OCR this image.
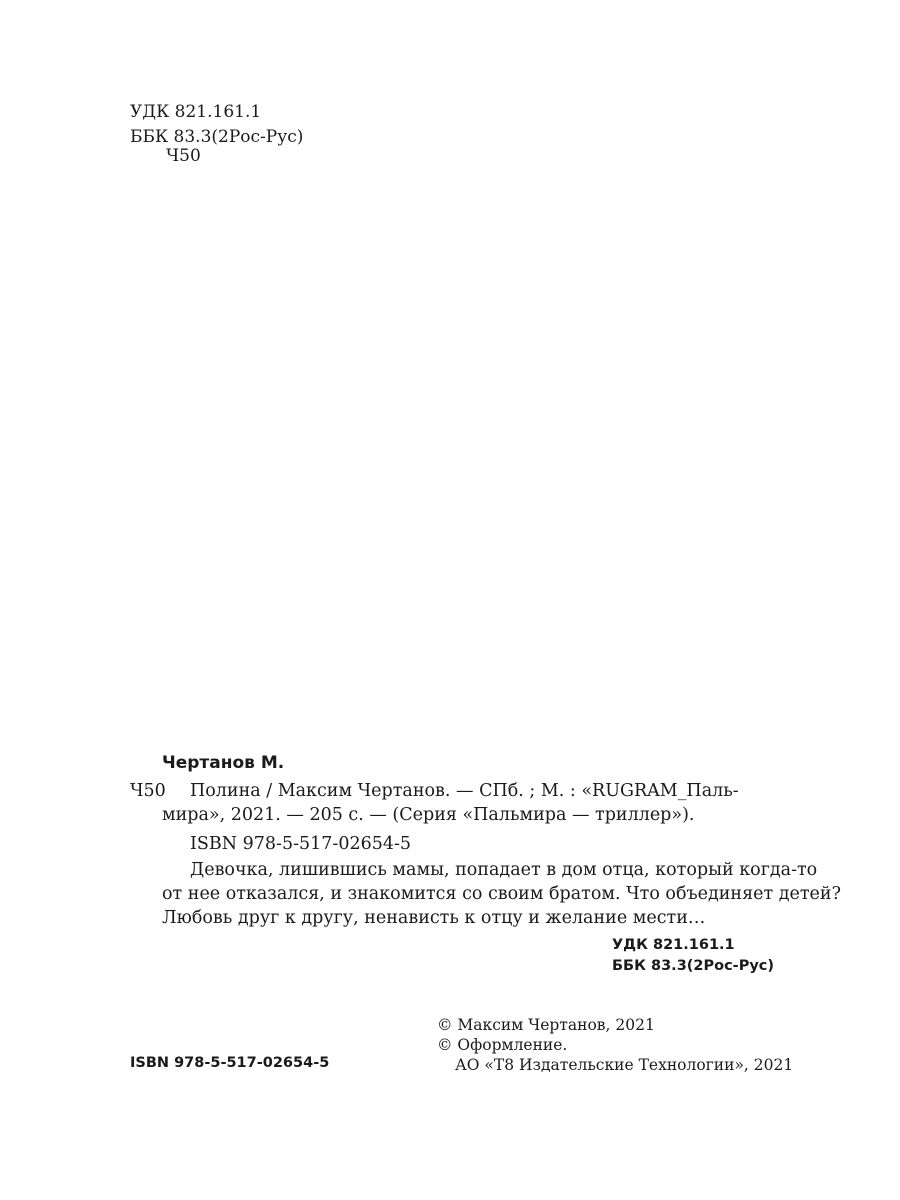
УДК 821.161.1
ББК 83.3(2Рос-Рус)
Ч50
Чертанов М.
Ч50 Полина / Максим Чертанов. — СПб. ; М. : «RUGRAM_Паль-
мира», 2021. — 205 с. — (Серия «Пальмира — триллер»).
ISBN 978-5-517-02654-5
Девочка, лишившись мамы, попадает в дом отца, который когда-то
от нее отказался, и знакомится со своим братом. Что объединяет детей?
Любовь друг к другу, ненависть к отцу и желание мести…
УДК 821.161.1
ББК 83.3(2Рос-Рус)
© Максим Чертанов, 2021
© Оформление.
АО «Т8 Издательские Технологии», 2021
ISBN 978-5-517-02654-5
